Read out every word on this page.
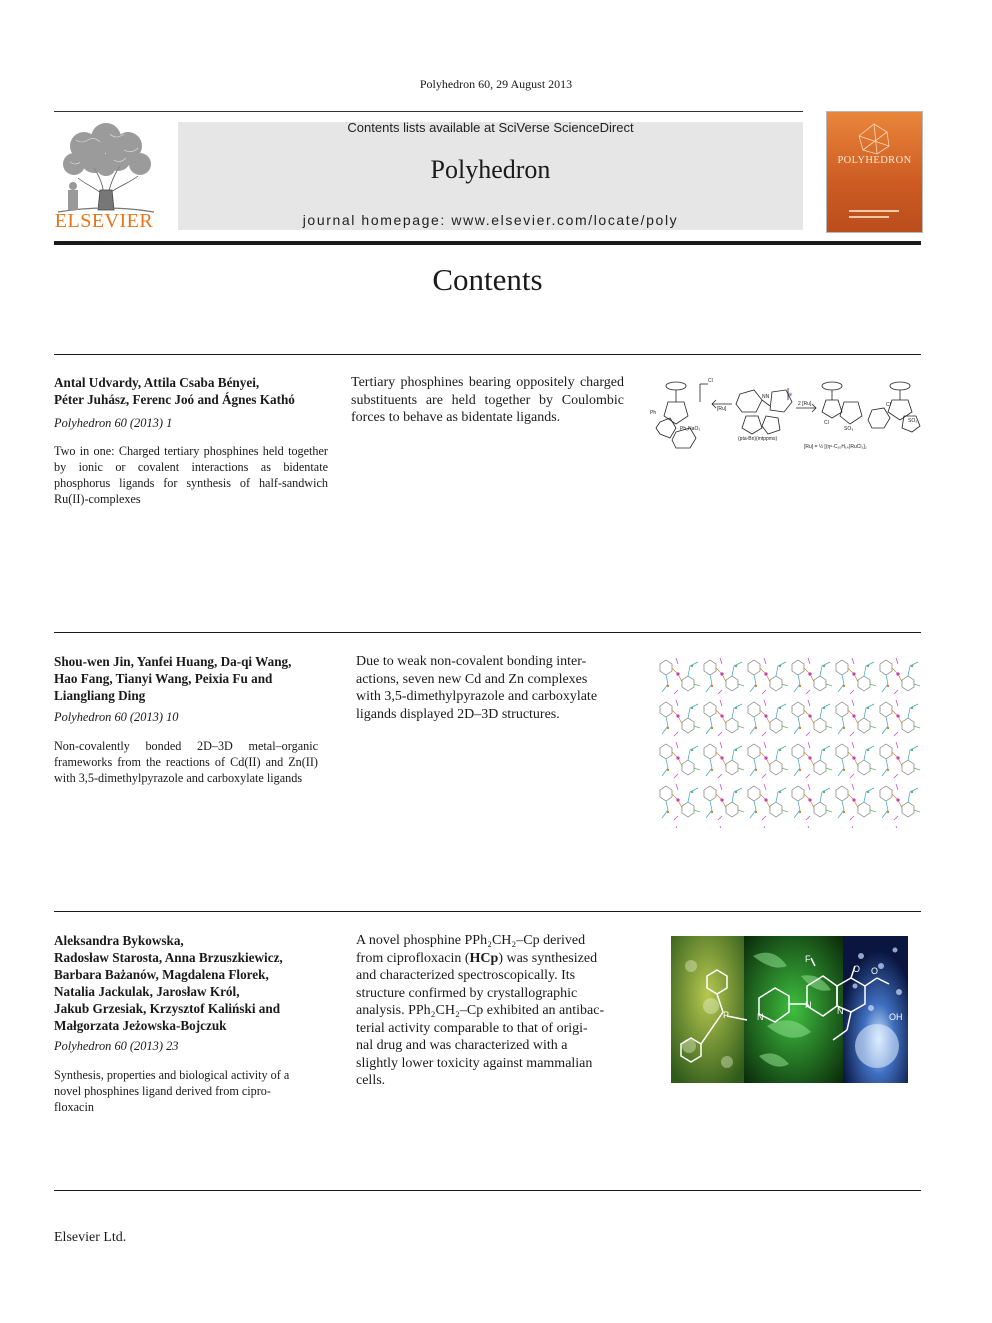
Polyhedron 60, 29 August 2013
ELSEVIER
Contents lists available at SciVerse ScienceDirect
Polyhedron
journal homepage: www.elsevier.com/locate/poly
POLYHEDRON
Contents
Antal Udvardy, Attila Csaba Bényei,
Péter Juhász, Ferenc Joó and Ágnes Kathó
Polyhedron 60 (2013) 1
Two in one: Charged tertiary phosphines held together by ionic or covalent interactions as bidentate phosphorus ligands for synthesis of half-sandwich Ru(II)-complexes
Tertiary phosphines bearing oppositely charged substituents are held together by Coulombic forces to behave as bidentate ligands.	Ph
Ph₂NaO₃
Cl
NN	⊕
Cl
SO₃
Cl
SO₃
[Ru]
2 [Ru]
(pta-Bn)(mtppms)
[Ru] = ½ [(η⁶-C₁₀H₁₄)RuCl₂]₂
Shou-wen Jin, Yanfei Huang, Da-qi Wang,
Hao Fang, Tianyi Wang, Peixia Fu and
Liangliang Ding
Polyhedron 60 (2013) 10
Non-covalently bonded 2D–3D metal–organic frameworks from the reactions of Cd(II) and Zn(II) with 3,5-dimethylpyrazole and carboxylate ligands
Due to weak non-covalent bonding inter-
actions, seven new Cd and Zn complexes
with 3,5-dimethylpyrazole and carboxylate
ligands displayed 2D–3D structures.
Aleksandra Bykowska,
Radosław Starosta, Anna Brzuszkiewicz,
Barbara Bażanów, Magdalena Florek,
Natalia Jackulak, Jarosław Król,
Jakub Grzesiak, Krzysztof Kaliński and
Małgorzata Jeżowska-Bojczuk
Polyhedron 60 (2013) 23
Synthesis, properties and biological activity of a
novel phosphines ligand derived from cipro-
floxacin
A novel phosphine PPh₂CH₂–Cp derived
from ciprofloxacin (HCp) was synthesized
and characterized spectroscopically. Its
structure confirmed by crystallographic
analysis. PPh₂CH₂–Cp exhibited an antibac-
terial activity comparable to that of origi-
nal drug and was characterized with a
slightly lower toxicity against mammalian
cells.
F
N
N
N
P
O O
OH
Elsevier Ltd.
